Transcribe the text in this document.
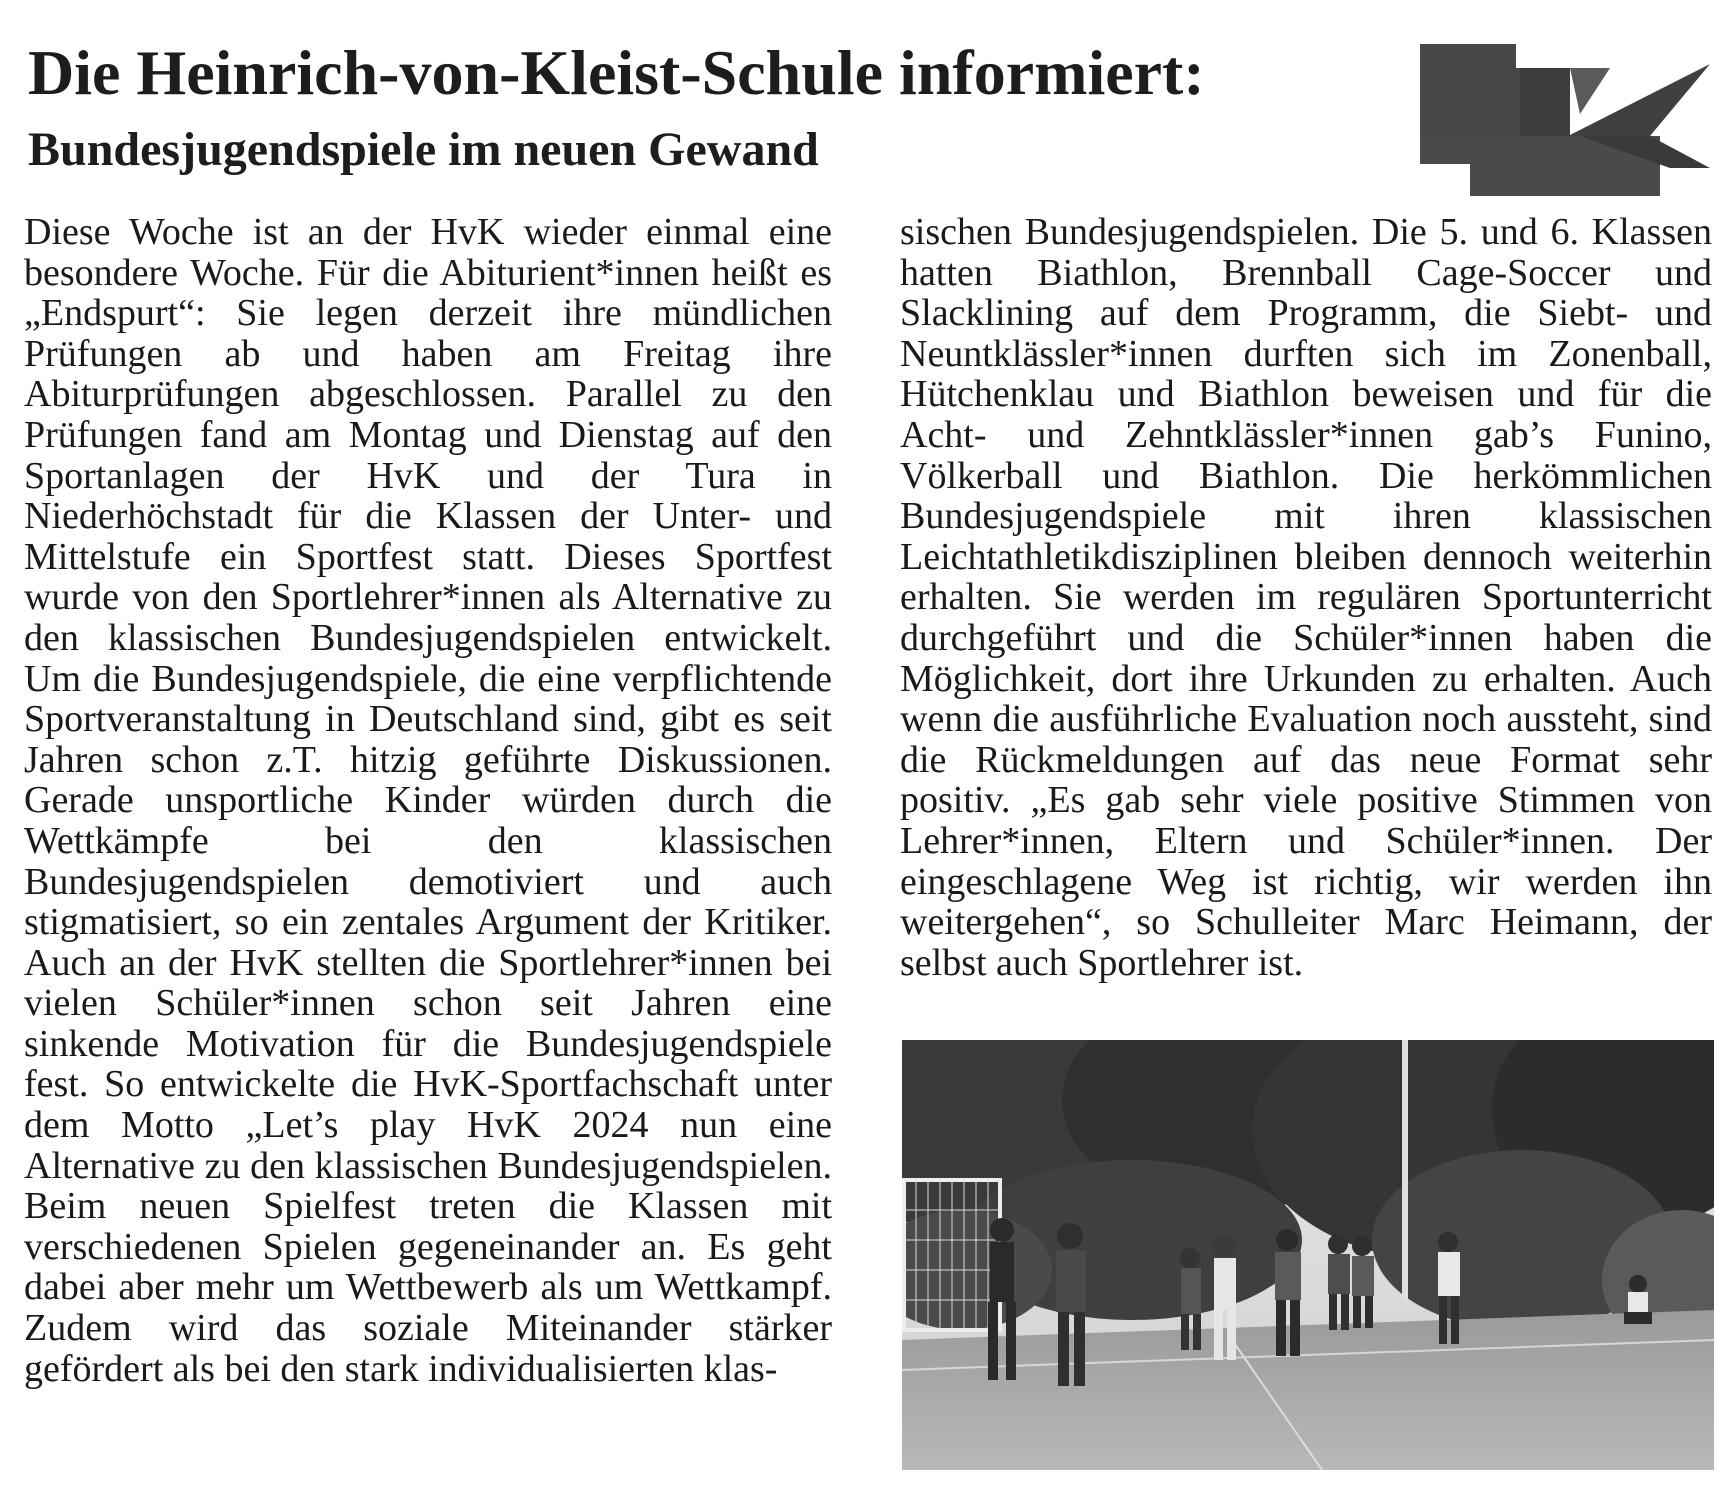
Die Heinrich-von-Kleist-Schule informiert:
Bundesjugendspiele im neuen Gewand

Diese Woche ist an der HvK wieder einmal eine besondere Woche. Für die Abiturient*innen heißt es „Endspurt“: Sie legen derzeit ihre mündlichen Prüfungen ab und haben am Freitag ihre Abiturprüfungen abgeschlossen. Parallel zu den Prüfungen fand am Montag und Dienstag auf den Sportanlagen der HvK und der Tura in Niederhöchstadt für die Klassen der Unter- und Mittelstufe ein Sportfest statt. Dieses Sportfest wurde von den Sportlehrer*innen als Alternative zu den klassischen Bundesjugendspielen entwickelt. Um die Bundesjugendspiele, die eine verpflichtende Sportveranstaltung in Deutschland sind, gibt es seit Jahren schon z.T. hitzig geführte Diskussionen. Gerade unsportliche Kinder würden durch die Wettkämpfe bei den klassischen Bundesjugendspielen demotiviert und auch stigmatisiert, so ein zentales Argument der Kritiker. Auch an der HvK stellten die Sportlehrer*innen bei vielen Schüler*innen schon seit Jahren eine sinkende Motivation für die Bundesjugendspiele fest. So entwickelte die HvK-Sportfachschaft unter dem Motto „Let’s play HvK 2024 nun eine Alternative zu den klassischen Bundesjugendspielen. Beim neuen Spielfest treten die Klassen mit verschiedenen Spielen gegeneinander an. Es geht dabei aber mehr um Wettbewerb als um Wettkampf. Zudem wird das soziale Miteinander stärker gefördert als bei den stark individualisierten klas-

sischen Bundesjugendspielen. Die 5. und 6. Klassen hatten Biathlon, Brennball Cage-Soccer und Slacklining auf dem Programm, die Siebt- und Neuntklässler*innen durften sich im Zonenball, Hütchenklau und Biathlon beweisen und für die Acht- und Zehntklässler*innen gab’s Funino, Völkerball und Biathlon. Die herkömmlichen Bundesjugendspiele mit ihren klassischen Leichtathletikdisziplinen bleiben dennoch weiterhin erhalten. Sie werden im regulären Sportunterricht durchgeführt und die Schüler*innen haben die Möglichkeit, dort ihre Urkunden zu erhalten. Auch wenn die ausführliche Evaluation noch aussteht, sind die Rückmeldungen auf das neue Format sehr positiv. „Es gab sehr viele positive Stimmen von Lehrer*innen, Eltern und Schüler*innen. Der eingeschlagene Weg ist richtig, wir werden ihn weitergehen“, so Schulleiter Marc Heimann, der selbst auch Sportlehrer ist.
